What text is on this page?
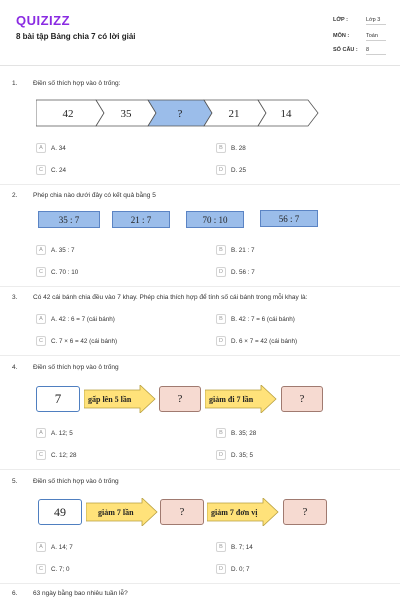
QUIZIZZ
8 bài tập Bảng chia 7 có lời giải
LỚP :	Lớp 3
MÔN :	Toán
SỐ CÂU : 8
1. Điền số thích hợp vào ô trống:
42	35	?	21	14
A	A. 34	B	B. 28
C	C. 24	D	D. 25
2. Phép chia nào dưới đây có kết quả bằng 5
35 : 7	21 : 7	70 : 10	56 : 7
A	A. 35 : 7	B	B. 21 : 7
C	C. 70 : 10	D	D. 56 : 7
3. Có 42 cái bánh chia đều vào 7 khay. Phép chia thích hợp để tính số cái bánh trong mỗi khay là:
A	A. 42 : 6 = 7 (cái bánh)	B	B. 42 : 7 = 6 (cái bánh)
C	C. 7 × 6 = 42 (cái bánh)	D	D. 6 × 7 = 42 (cái bánh)
4. Điền số thích hợp vào ô trống
7	gấp lên 5 lần	?	giảm đi 7 lần	?
A	A. 12; 5	B	B. 35; 28
C	C. 12; 28	D	D. 35; 5
5. Điền số thích hợp vào ô trống
49	giảm 7 lần	?	giảm 7 đơn vị	?
A	A. 14; 7	B	B. 7; 14
C	C. 7; 0	D	D. 0; 7
6. 63 ngày bằng bao nhiêu tuần lễ?
